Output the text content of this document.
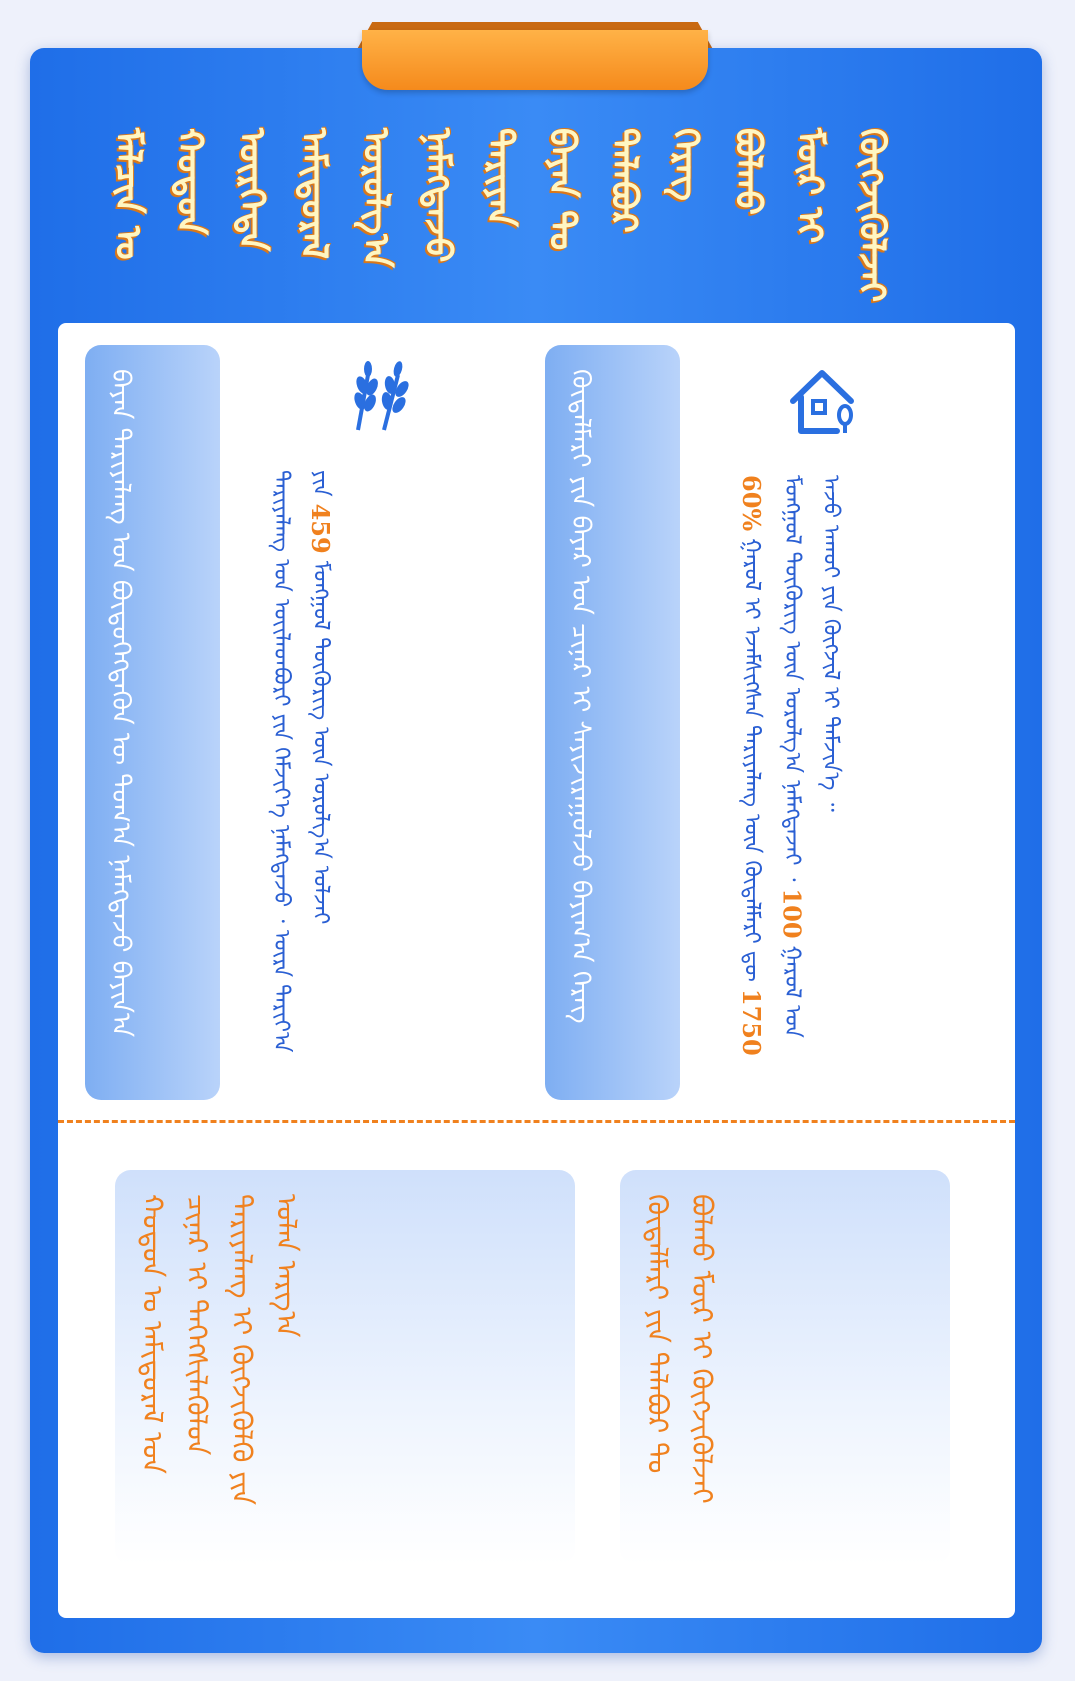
ᠮᠠᠯᠴᠢᠨ ᠤ ᠬᠣᠳᠣᠨ ᠥᠷᠬᠡᠳᠡ ᠠᠮᠢᠳᠤᠷᠠᠯ ᠣᠷᠣᠯᠭ᠎ᠠ ᠨᠡᠮᠡᠭᠳᠡᠵᠦ ᠲᠠᠷᠢᠶᠠᠨ ᠪᠠᠶᠠᠨ ᠲᠤ ᠲᠠᠯᠠᠪᠤᠷ ᠬᠡᠷᠡᠭ ᠪᠣᠯᠬᠤ ᠮᠥᠷ ᠢ ᠬᠥᠭᠵᠢᠭᠦᠯᠵᠡᠢ
ᠪᠠᠶᠠᠨ ᠲᠠᠷᠢᠶᠠᠯᠠᠩ ᠤᠨ ᠪᠦᠲᠦᠭᠡᠭᠳᠡᠬᠦᠨ ᠦ ᠲᠣᠭ᠎ᠠ ᠨᠡᠮᠡᠭᠳᠡᠵᠦ ᠪᠠᠶᠢᠨ᠎ᠠ	ᠲᠠᠷᠢᠶᠠᠯᠠᠩ ᠤᠨ ᠦᠢᠯᠡᠳᠪᠦᠷᠢ ᠶᠢᠨ ᠬᠡᠮᠵᠢᠶ᠎ᠡ ᠨᠡᠮᠡᠭᠳᠡᠵᠦ ᠂ ᠦᠷᠡ ᠲᠠᠷᠢᠶ᠎ᠠ ᠶᠢᠨ 459 ᠮᠣᠩᠭᠣᠯ ᠲᠥᠭᠦᠷᠢᠭ ᠦᠨ ᠣᠷᠣᠯᠭ᠎ᠠ ᠣᠯᠵᠠᠢ	ᠬᠥᠳᠡᠯᠮᠡᠷᠢ ᠶᠢᠨ ᠪᠠᠶᠠᠷ ᠤᠨ ᠴᠢᠨᠠᠷ ᠢ ᠰᠠᠶᠢᠵᠢᠷᠠᠭᠤᠯᠵᠤ ᠪᠠᠶᠢᠭ᠎ᠠ ᠬᠡᠷᠡᠭ	60% ᠭᠠᠷᠤᠯ ᠢ ᠡᠵᠡᠮᠰᠢᠭᠰᠡᠨ ᠲᠠᠷᠢᠶᠠᠯᠠᠩ ᠦᠨ ᠬᠥᠳᠡᠯᠮᠡᠷᠢ ᠳᠦ 1750 ᠮᠣᠩᠭᠣᠯ ᠲᠥᠭᠦᠷᠢᠭ ᠦᠨ ᠣᠷᠣᠯᠭ᠎ᠠ ᠨᠡᠮᠡᠭᠳᠡᠵᠡᠢ ᠂ 100 ᠭᠠᠷᠤᠯ ᠤᠨ ᠠᠵᠤ ᠠᠬᠤᠢ ᠶᠢᠨ ᠬᠥᠭᠵᠢᠯ ᠢ ᠳᠡᠮᠵᠢᠨ᠎ᠡ ᠃
ᠬᠣᠳᠣᠨ ᠤ ᠠᠮᠢᠳᠤᠷᠠᠯ ᠤᠨ ᠴᠢᠨᠠᠷ ᠢ ᠳᠡᠭᠡᠭᠰᠢᠯᠡᠭᠦᠯᠦᠨ ᠲᠠᠷᠢᠶᠠᠯᠠᠩ ᠢ ᠬᠥᠭᠵᠢᠭᠦᠯᠬᠦ ᠶᠢᠨ ᠣᠯᠠᠨ ᠠᠷᠭ᠎ᠠ	ᠬᠥᠳᠡᠯᠮᠡᠷᠢ ᠶᠢᠨ ᠲᠠᠯᠠᠪᠤᠷ ᠲᠤ ᠪᠣᠯᠬᠤ ᠮᠥᠷ ᠢ ᠬᠥᠭᠵᠢᠭᠦᠯᠵᠡᠢ
